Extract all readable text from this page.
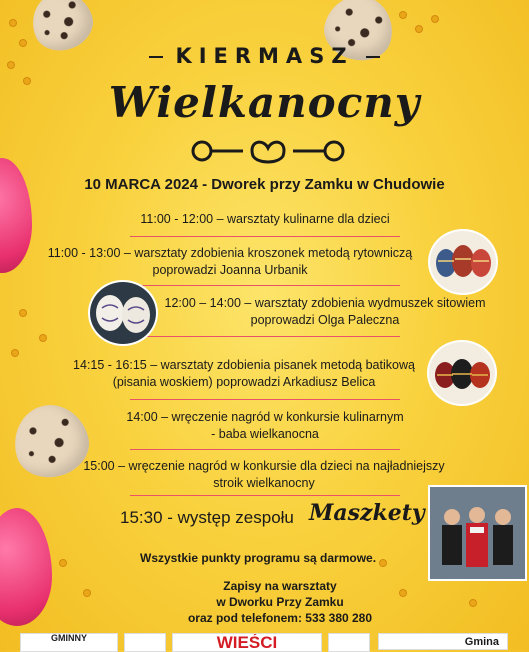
KIERMASZ
Wielkanocny
10 MARCA 2024 - Dworek przy Zamku w Chudowie
11:00 - 12:00 – warsztaty kulinarne dla dzieci
11:00 - 13:00 – warsztaty zdobienia kroszonek metodą rytowniczą
poprowadzi Joanna Urbanik
12:00 – 14:00 – warsztaty zdobienia wydmuszek sitowiem
poprowadzi Olga Paleczna
14:15 - 16:15 – warsztaty zdobienia pisanek metodą batikową
(pisania woskiem) poprowadzi Arkadiusz Belica
14:00 – wręczenie nagród w konkursie kulinarnym
- baba wielkanocna
15:00 – wręczenie nagród w konkursie dla dzieci na najładniejszy
stroik wielkanocny
15:30 - występ zespołu Maszkety
Wszystkie punkty programu są darmowe.
Zapisy na warsztaty
w Dworku Przy Zamku
oraz pod telefonem: 533 380 280
GMINNY	WIEŚCI	Gmina
